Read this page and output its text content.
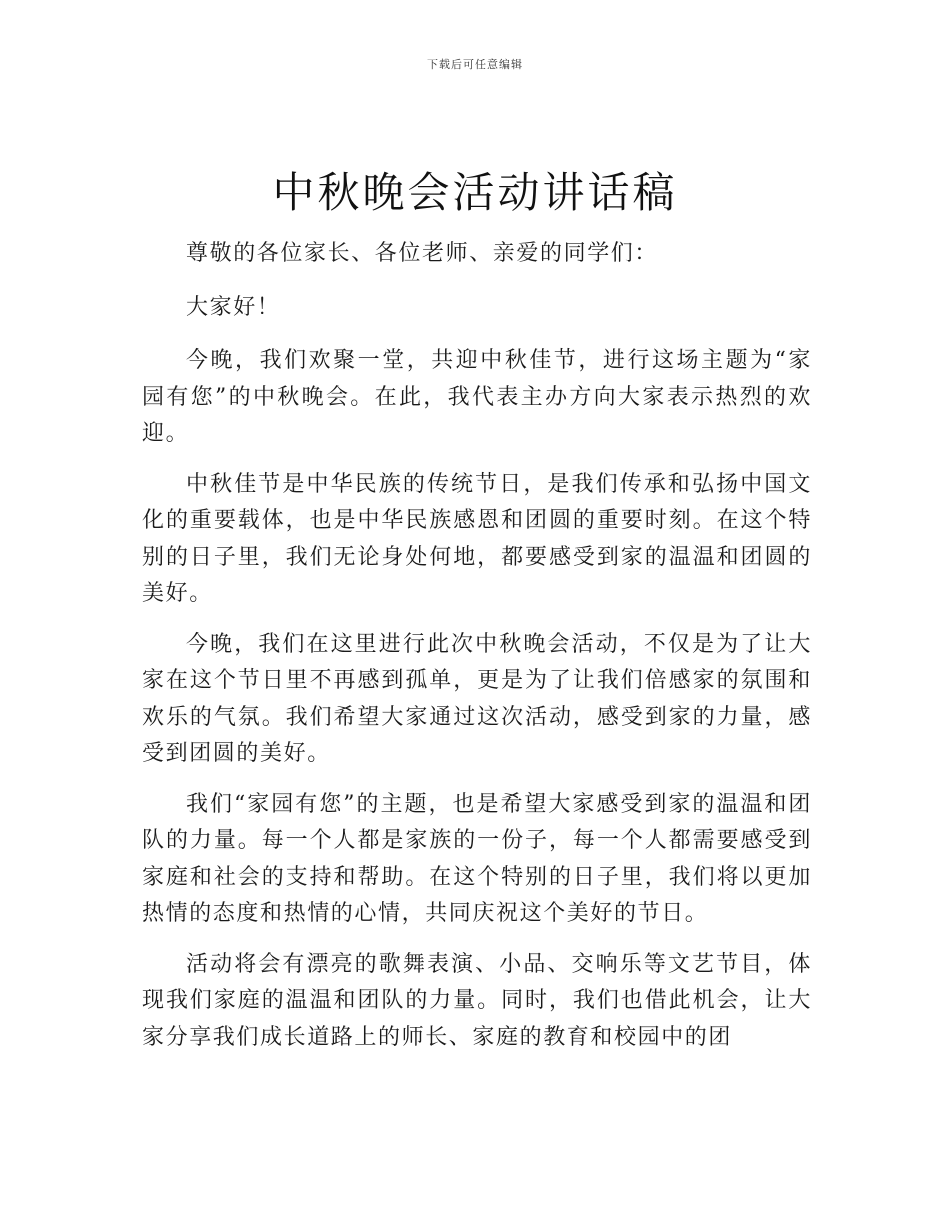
下载后可任意编辑
中秋晚会活动讲话稿

尊敬的各位家长、各位老师、亲爱的同学们：

大家好！

今晚，我们欢聚一堂，共迎中秋佳节，进行这场主题为“家园有您”的中秋晚会。在此，我代表主办方向大家表示热烈的欢迎。

中秋佳节是中华民族的传统节日，是我们传承和弘扬中国文化的重要载体，也是中华民族感恩和团圆的重要时刻。在这个特别的日子里，我们无论身处何地，都要感受到家的温温和团圆的美好。

今晚，我们在这里进行此次中秋晚会活动，不仅是为了让大家在这个节日里不再感到孤单，更是为了让我们倍感家的氛围和欢乐的气氛。我们希望大家通过这次活动，感受到家的力量，感受到团圆的美好。

我们“家园有您”的主题，也是希望大家感受到家的温温和团队的力量。每一个人都是家族的一份子，每一个人都需要感受到家庭和社会的支持和帮助。在这个特别的日子里，我们将以更加热情的态度和热情的心情，共同庆祝这个美好的节日。

活动将会有漂亮的歌舞表演、小品、交响乐等文艺节目，体现我们家庭的温温和团队的力量。同时，我们也借此机会，让大家分享我们成长道路上的师长、家庭的教育和校园中的团
